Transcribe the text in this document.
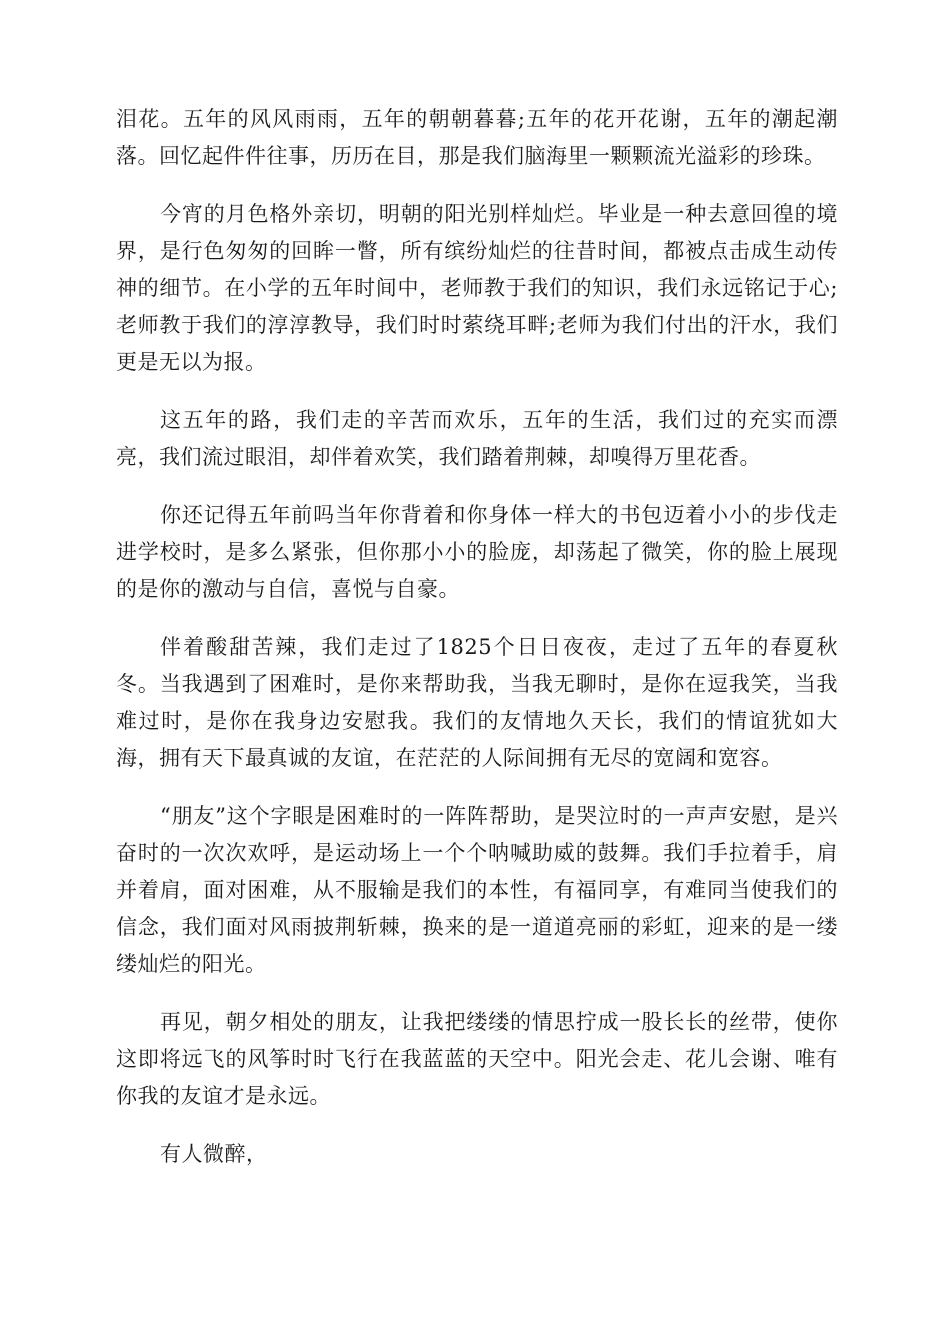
泪花。五年的风风雨雨，五年的朝朝暮暮;五年的花开花谢，五年的潮起潮落。回忆起件件往事，历历在目，那是我们脑海里一颗颗流光溢彩的珍珠。

今宵的月色格外亲切，明朝的阳光别样灿烂。毕业是一种去意回徨的境界，是行色匆匆的回眸一瞥，所有缤纷灿烂的往昔时间，都被点击成生动传神的细节。在小学的五年时间中，老师教于我们的知识，我们永远铭记于心;老师教于我们的淳淳教导，我们时时萦绕耳畔;老师为我们付出的汗水，我们更是无以为报。

这五年的路，我们走的辛苦而欢乐，五年的生活，我们过的充实而漂亮，我们流过眼泪，却伴着欢笑，我们踏着荆棘，却嗅得万里花香。

你还记得五年前吗当年你背着和你身体一样大的书包迈着小小的步伐走进学校时，是多么紧张，但你那小小的脸庞，却荡起了微笑，你的脸上展现的是你的激动与自信，喜悦与自豪。

伴着酸甜苦辣，我们走过了1825个日日夜夜，走过了五年的春夏秋冬。当我遇到了困难时，是你来帮助我，当我无聊时，是你在逗我笑，当我难过时，是你在我身边安慰我。我们的友情地久天长，我们的情谊犹如大海，拥有天下最真诚的友谊，在茫茫的人际间拥有无尽的宽阔和宽容。

“朋友”这个字眼是困难时的一阵阵帮助，是哭泣时的一声声安慰，是兴奋时的一次次欢呼，是运动场上一个个呐喊助威的鼓舞。我们手拉着手，肩并着肩，面对困难，从不服输是我们的本性，有福同享，有难同当使我们的信念，我们面对风雨披荆斩棘，换来的是一道道亮丽的彩虹，迎来的是一缕缕灿烂的阳光。

再见，朝夕相处的朋友，让我把缕缕的情思拧成一股长长的丝带，使你这即将远飞的风筝时时飞行在我蓝蓝的天空中。阳光会走、花儿会谢、唯有你我的友谊才是永远。

有人微醉，
